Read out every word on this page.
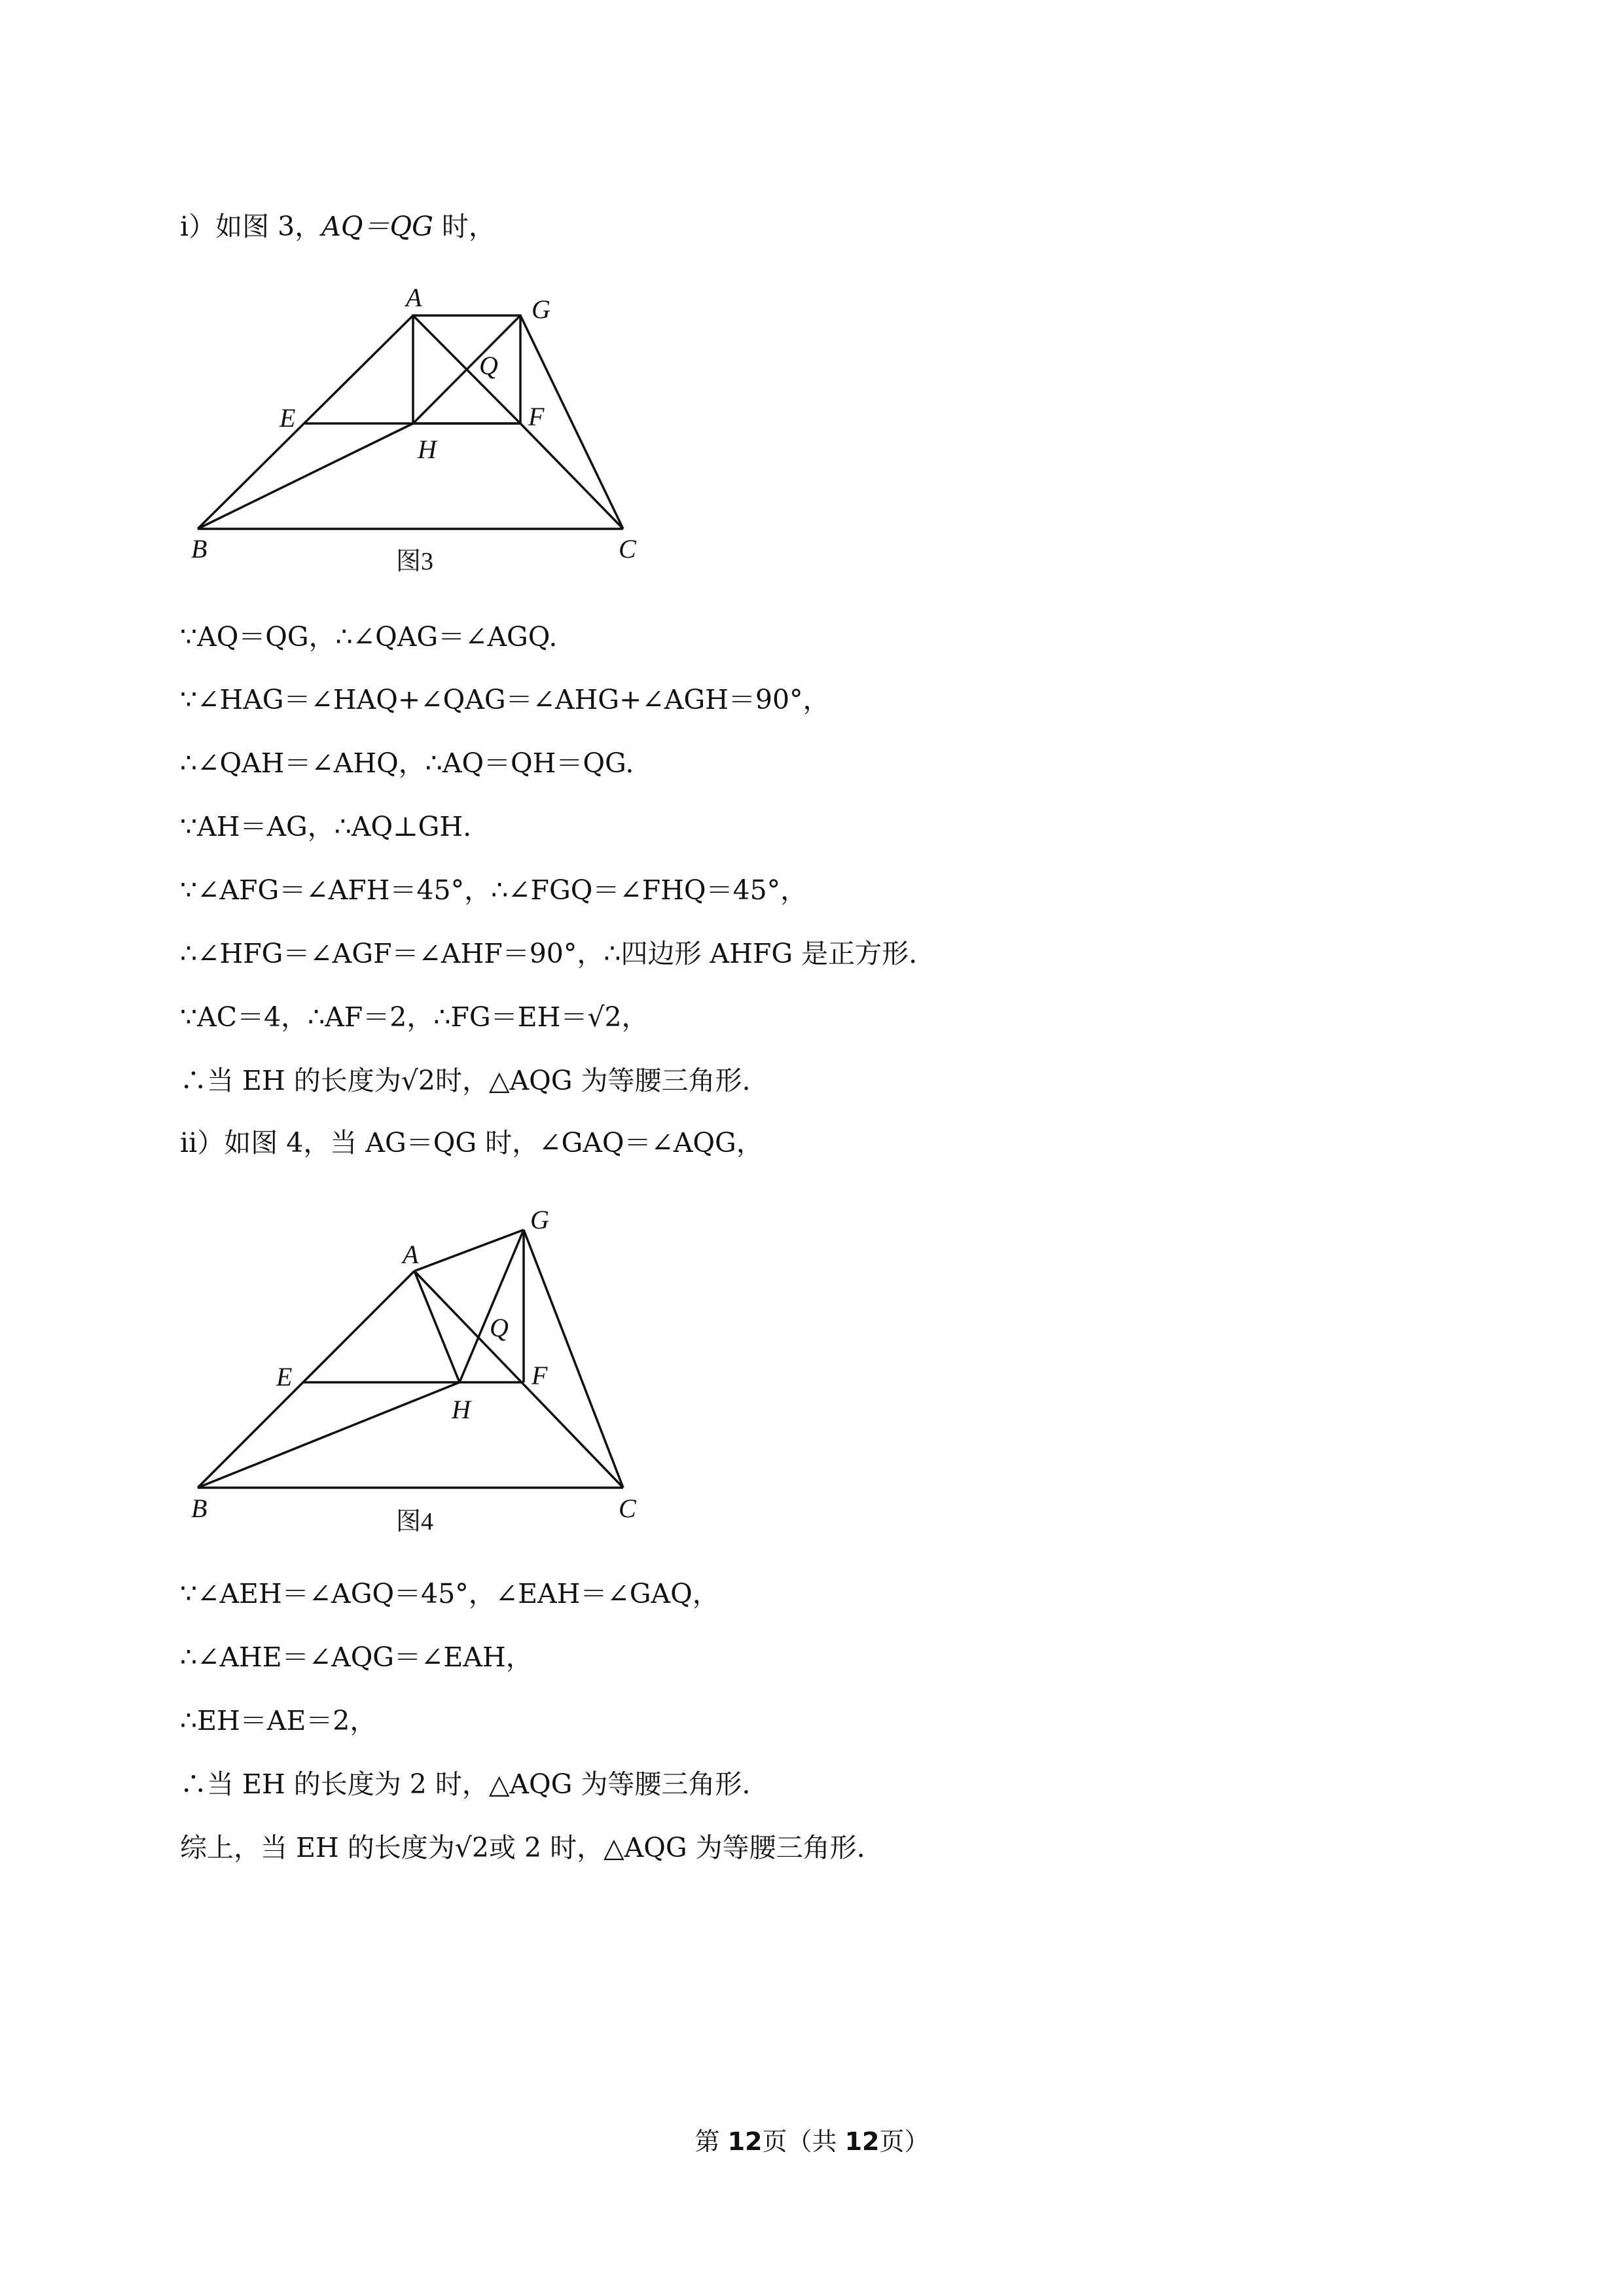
i）如图 3，AQ＝QG 时，
A	G
Q
E
H
F
B	C
图3
∵AQ＝QG，∴∠QAG＝∠AGQ.
∵∠HAG＝∠HAQ+∠QAG＝∠AHG+∠AGH＝90°，
∴∠QAH＝∠AHQ，∴AQ＝QH＝QG.
∵AH＝AG，∴AQ⊥GH.
∵∠AFG＝∠AFH＝45°，∴∠FGQ＝∠FHQ＝45°，
∴∠HFG＝∠AGF＝∠AHF＝90°，∴四边形 AHFG 是正方形.
∵AC＝4，∴AF＝2，∴FG＝EH＝√2，
∴当 EH 的长度为√2时，△AQG 为等腰三角形.
ii）如图 4，当 AG＝QG 时，∠GAQ＝∠AQG，
A
G
Q
E
H
F
B	C
图4
∵∠AEH＝∠AGQ＝45°，∠EAH＝∠GAQ，
∴∠AHE＝∠AQG＝∠EAH，
∴EH＝AE＝2，
∴当 EH 的长度为 2 时，△AQG 为等腰三角形.
综上，当 EH 的长度为√2或 2 时，△AQG 为等腰三角形.
第 12页（共 12页）
